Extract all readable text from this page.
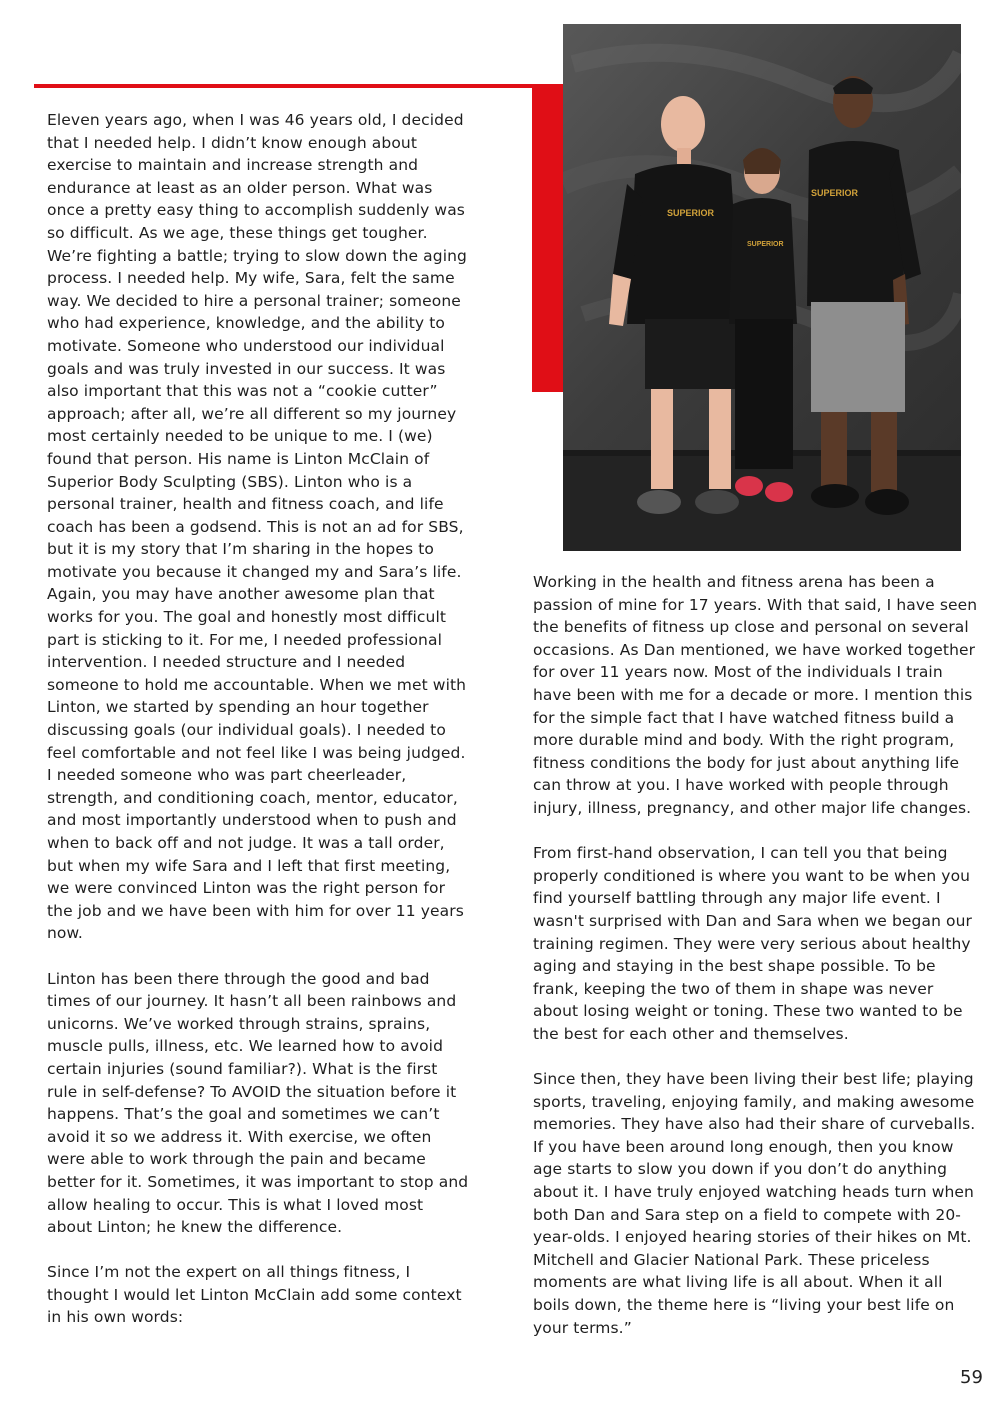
SUPERIOR
SUPERIOR
SUPERIOR

Eleven years ago, when I was 46 years old, I decided that I needed help. I didn’t know enough about exercise to maintain and increase strength and endurance at least as an older person. What was once a pretty easy thing to accomplish suddenly was so difficult. As we age, these things get tougher. We’re fighting a battle; trying to slow down the aging process. I needed help. My wife, Sara, felt the same way. We decided to hire a personal trainer; someone who had experience, knowledge, and the ability to motivate. Someone who understood our individual goals and was truly invested in our success. It was also important that this was not a “cookie cutter” approach; after all, we’re all different so my journey most certainly needed to be unique to me. I (we) found that person. His name is Linton McClain of Superior Body Sculpting (SBS). Linton who is a personal trainer, health and fitness coach, and life coach has been a godsend. This is not an ad for SBS, but it is my story that I’m sharing in the hopes to motivate you because it changed my and Sara’s life. Again, you may have another awesome plan that works for you. The goal and honestly most difficult part is sticking to it. For me, I needed professional intervention. I needed structure and I needed someone to hold me accountable. When we met with Linton, we started by spending an hour together discussing goals (our individual goals). I needed to feel comfortable and not feel like I was being judged. I needed someone who was part cheerleader, strength, and conditioning coach, mentor, educator, and most importantly understood when to push and when to back off and not judge. It was a tall order, but when my wife Sara and I left that first meeting, we were convinced Linton was the right person for the job and we have been with him for over 11 years now.

Linton has been there through the good and bad times of our journey. It hasn’t all been rainbows and unicorns. We’ve worked through strains, sprains, muscle pulls, illness, etc. We learned how to avoid certain injuries (sound familiar?). What is the first rule in self-defense? To AVOID the situation before it happens. That’s the goal and sometimes we can’t avoid it so we address it. With exercise, we often were able to work through the pain and became better for it. Sometimes, it was important to stop and allow healing to occur. This is what I loved most about Linton; he knew the difference.

Since I’m not the expert on all things fitness, I thought I would let Linton McClain add some context in his own words:

Working in the health and fitness arena has been a passion of mine for 17 years. With that said, I have seen the benefits of fitness up close and personal on several occasions. As Dan mentioned, we have worked together for over 11 years now. Most of the individuals I train have been with me for a decade or more. I mention this for the simple fact that I have watched fitness build a more durable mind and body. With the right program, fitness conditions the body for just about anything life can throw at you. I have worked with people through injury, illness, pregnancy, and other major life changes.

From first-hand observation, I can tell you that being properly conditioned is where you want to be when you find yourself battling through any major life event. I wasn't surprised with Dan and Sara when we began our training regimen. They were very serious about healthy aging and staying in the best shape possible. To be frank, keeping the two of them in shape was never about losing weight or toning. These two wanted to be the best for each other and themselves.

Since then, they have been living their best life; playing sports, traveling, enjoying family, and making awesome memories. They have also had their share of curveballs. If you have been around long enough, then you know age starts to slow you down if you don’t do anything about it. I have truly enjoyed watching heads turn when both Dan and Sara step on a field to compete with 20-year-olds. I enjoyed hearing stories of their hikes on Mt. Mitchell and Glacier National Park. These priceless moments are what living life is all about. When it all boils down, the theme here is “living your best life on your terms.”

59
